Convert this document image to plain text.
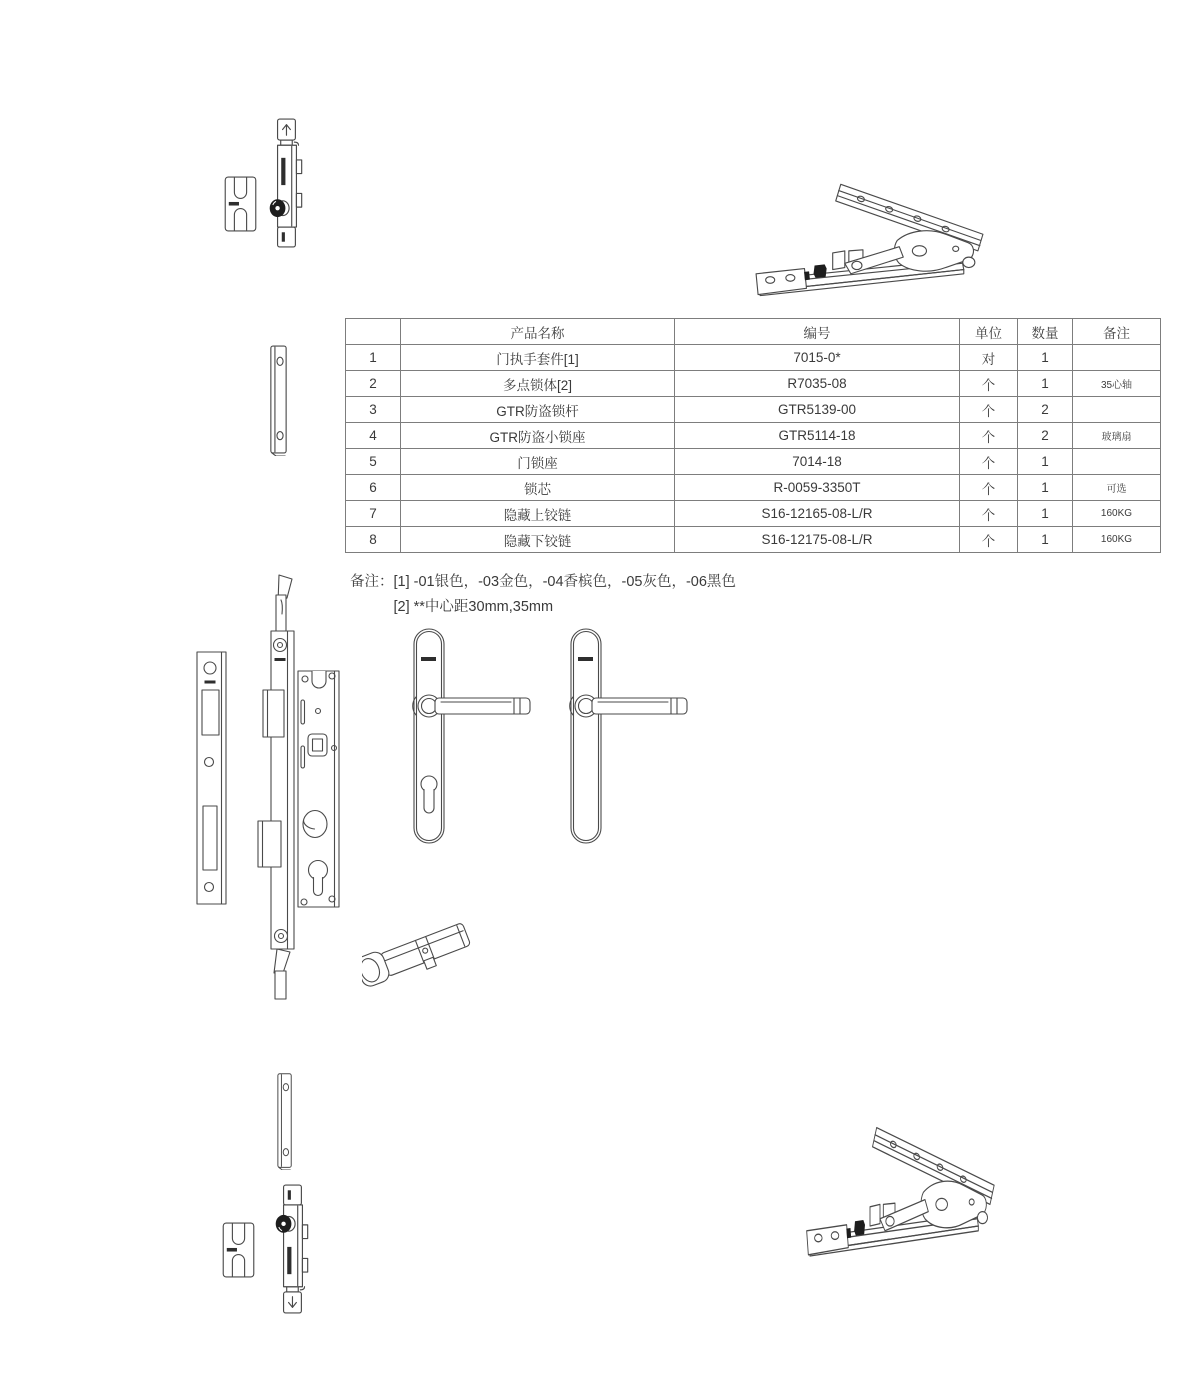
	产品名称	编号	单位	数量	备注
1	门执手套件[1]	7015-0*	对	1	
2	多点锁体[2]	R7035-08	个	1	35心轴
3	GTR防盗锁杆	GTR5139-00	个	2	
4	GTR防盗小锁座	GTR5114-18	个	2	玻璃扇
5	门锁座	7014-18	个	1	
6	锁芯	R-0059-3350T	个	1	可选
7	隐藏上铰链	S16-12165-08-L/R	个	1	160KG
8	隐藏下铰链	S16-12175-08-L/R	个	1	160KG
备注： [1] -01银色，-03金色，-04香槟色，-05灰色，-06黑色
[2] **中心距30mm,35mm
